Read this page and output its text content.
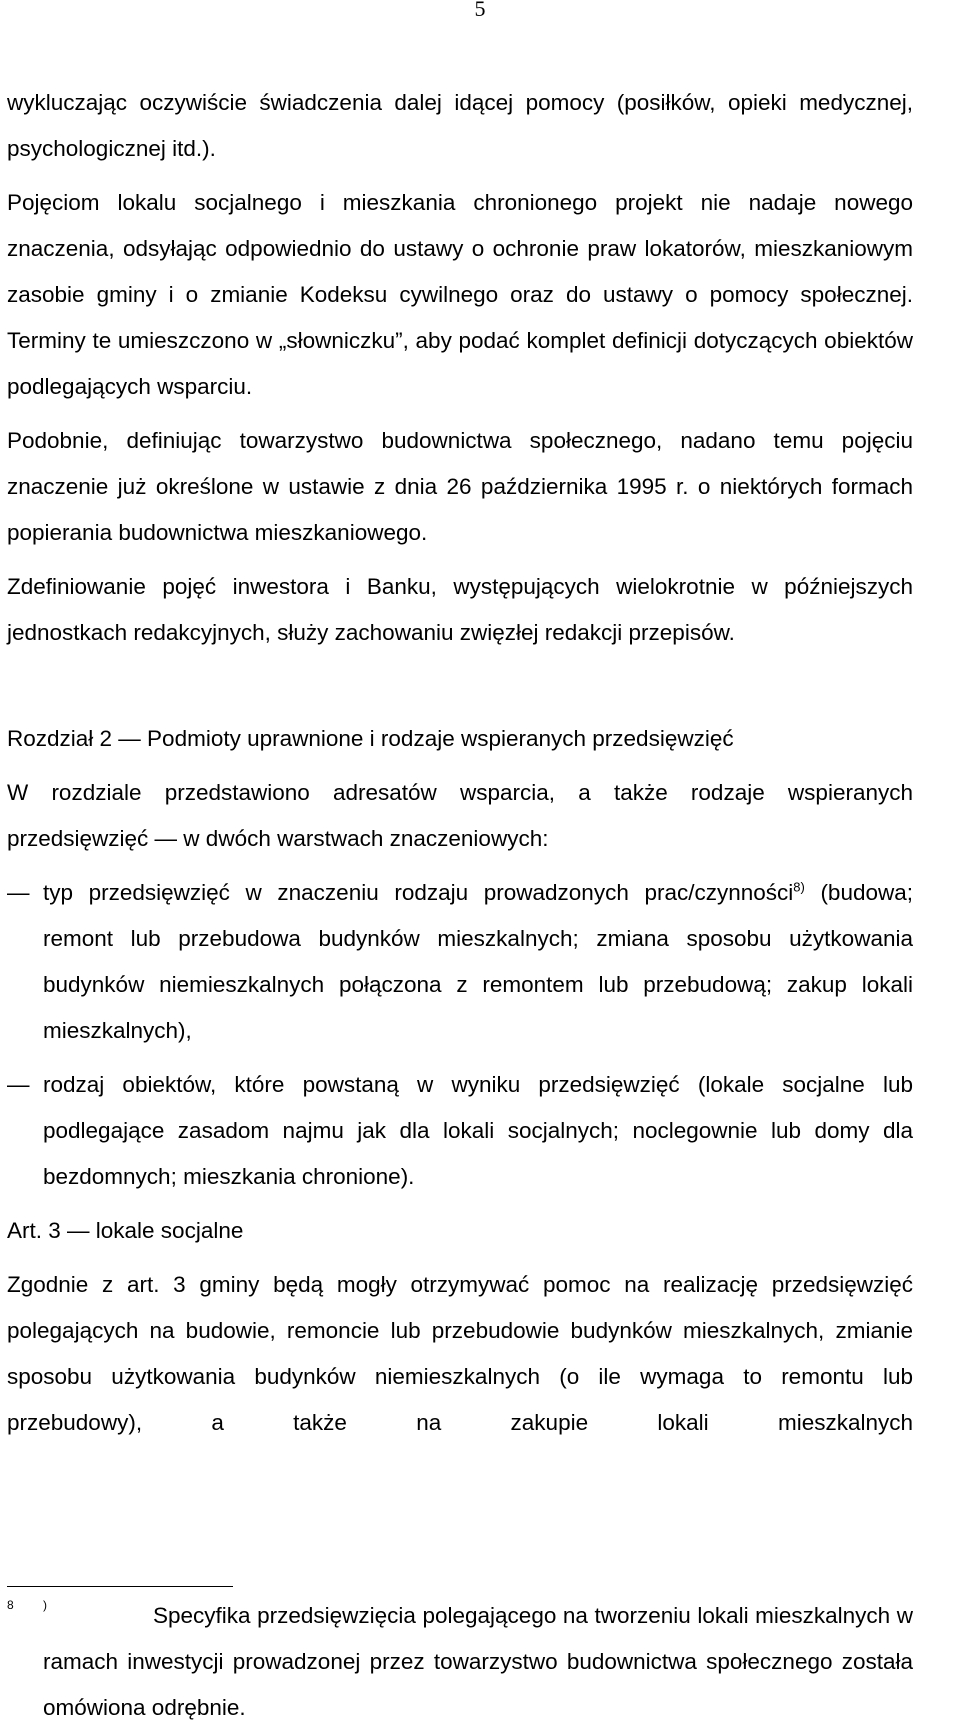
5

wykluczając oczywiście świadczenia dalej idącej pomocy (posiłków, opieki medycznej, psychologicznej itd.).

Pojęciom lokalu socjalnego i mieszkania chronionego projekt nie nadaje nowego znaczenia, odsyłając odpowiednio do ustawy o ochronie praw lokatorów, mieszkaniowym zasobie gminy i o zmianie Kodeksu cywilnego oraz do ustawy o pomocy społecznej. Terminy te umieszczono w „słowniczku”, aby podać komplet definicji dotyczących obiektów podlegających wsparciu.

Podobnie, definiując towarzystwo budownictwa społecznego, nadano temu pojęciu znaczenie już określone w ustawie z dnia 26 października 1995 r. o niektórych formach popierania budownictwa mieszkaniowego.

Zdefiniowanie pojęć inwestora i Banku, występujących wielokrotnie w późniejszych jednostkach redakcyjnych, służy zachowaniu zwięzłej redakcji przepisów.

Rozdział 2 — Podmioty uprawnione i rodzaje wspieranych przedsięwzięć

W rozdziale przedstawiono adresatów wsparcia, a także rodzaje wspieranych przedsięwzięć — w dwóch warstwach znaczeniowych:

— typ przedsięwzięć w znaczeniu rodzaju prowadzonych prac/czynności$^{8)}$ (budowa; remont lub przebudowa budynków mieszkalnych; zmiana sposobu użytkowania budynków niemieszkalnych połączona z remontem lub przebudową; zakup lokali mieszkalnych),

— rodzaj obiektów, które powstaną w wyniku przedsięwzięć (lokale socjalne lub podlegające zasadom najmu jak dla lokali socjalnych; noclegownie lub domy dla bezdomnych; mieszkania chronione).

Art. 3 — lokale socjalne

Zgodnie z art. 3 gminy będą mogły otrzymywać pomoc na realizację przedsięwzięć polegających na budowie, remoncie lub przebudowie budynków mieszkalnych, zmianie sposobu użytkowania budynków niemieszkalnych (o ile wymaga to remontu lub przebudowy), a także na zakupie lokali mieszkalnych

8 )	Specyfika przedsięwzięcia polegającego na tworzeniu lokali mieszkalnych w ramach inwestycji prowadzonej przez towarzystwo budownictwa społecznego została omówiona odrębnie.
